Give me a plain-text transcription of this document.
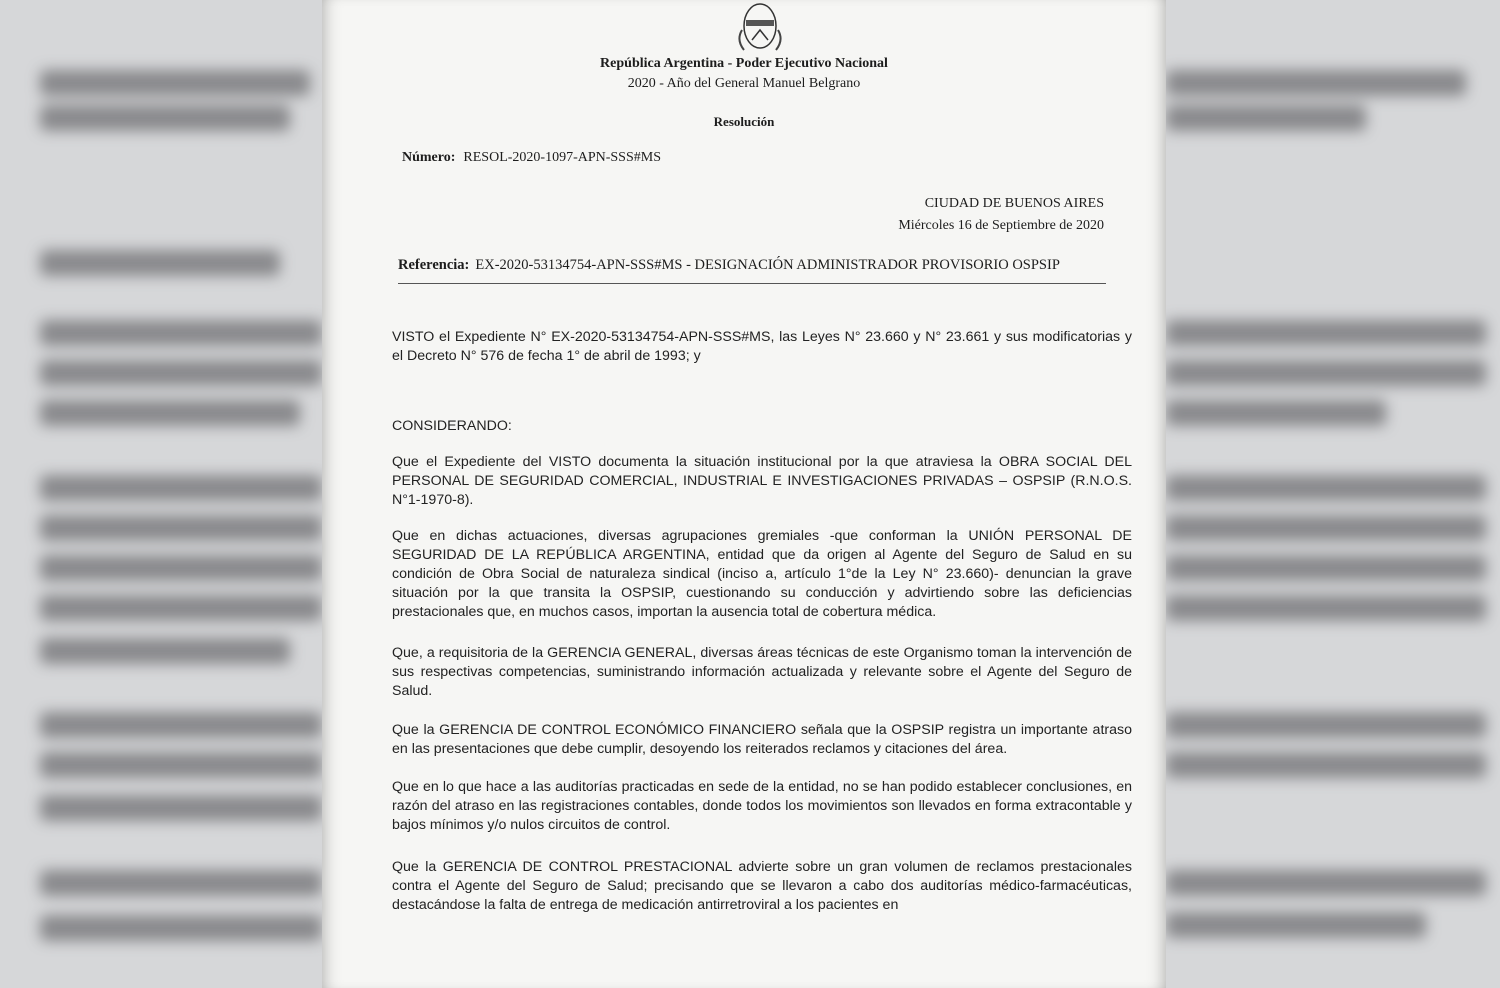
República Argentina - Poder Ejecutivo Nacional
2020 - Año del General Manuel Belgrano
Resolución
Número: RESOL-2020-1097-APN-SSS#MS
CIUDAD DE BUENOS AIRES
Miércoles 16 de Septiembre de 2020
Referencia: EX-2020-53134754-APN-SSS#MS - DESIGNACIÓN ADMINISTRADOR PROVISORIO OSPSIP
VISTO el Expediente N° EX-2020-53134754-APN-SSS#MS, las Leyes N° 23.660 y N° 23.661 y sus modificatorias y el Decreto N° 576 de fecha 1° de abril de 1993; y
CONSIDERANDO:
Que el Expediente del VISTO documenta la situación institucional por la que atraviesa la OBRA SOCIAL DEL PERSONAL DE SEGURIDAD COMERCIAL, INDUSTRIAL E INVESTIGACIONES PRIVADAS – OSPSIP (R.N.O.S. N°1-1970-8).
Que en dichas actuaciones, diversas agrupaciones gremiales -que conforman la UNIÓN PERSONAL DE SEGURIDAD DE LA REPÚBLICA ARGENTINA, entidad que da origen al Agente del Seguro de Salud en su condición de Obra Social de naturaleza sindical (inciso a, artículo 1°de la Ley N° 23.660)- denuncian la grave situación por la que transita la OSPSIP, cuestionando su conducción y advirtiendo sobre las deficiencias prestacionales que, en muchos casos, importan la ausencia total de cobertura médica.
Que, a requisitoria de la GERENCIA GENERAL, diversas áreas técnicas de este Organismo toman la intervención de sus respectivas competencias, suministrando información actualizada y relevante sobre el Agente del Seguro de Salud.
Que la GERENCIA DE CONTROL ECONÓMICO FINANCIERO señala que la OSPSIP registra un importante atraso en las presentaciones que debe cumplir, desoyendo los reiterados reclamos y citaciones del área.
Que en lo que hace a las auditorías practicadas en sede de la entidad, no se han podido establecer conclusiones, en razón del atraso en las registraciones contables, donde todos los movimientos son llevados en forma extracontable y bajos mínimos y/o nulos circuitos de control.
Que la GERENCIA DE CONTROL PRESTACIONAL advierte sobre un gran volumen de reclamos prestacionales contra el Agente del Seguro de Salud; precisando que se llevaron a cabo dos auditorías médico-farmacéuticas, destacándose la falta de entrega de medicación antirretroviral a los pacientes en
